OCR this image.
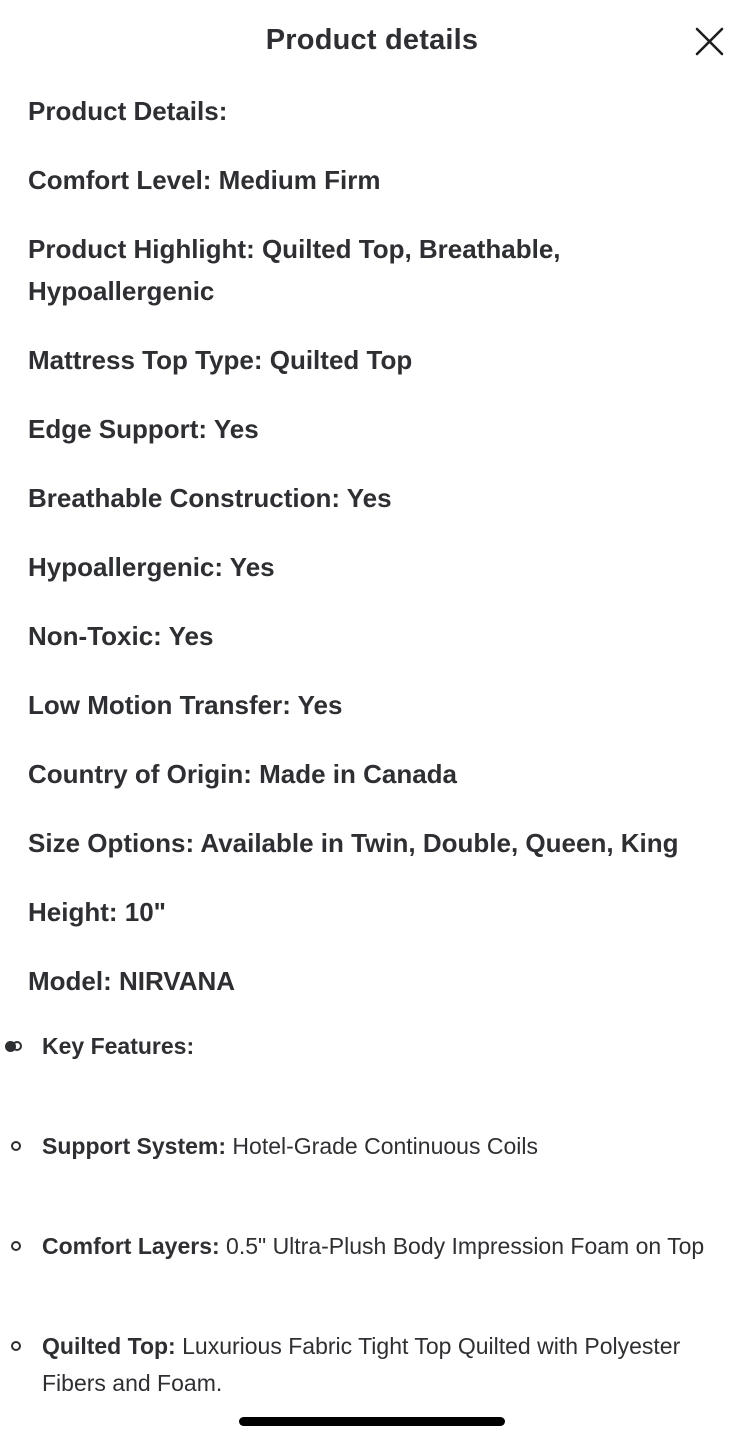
Product details
Product Details:
Comfort Level: Medium Firm
Product Highlight: Quilted Top, Breathable, Hypoallergenic
Mattress Top Type: Quilted Top
Edge Support: Yes
Breathable Construction: Yes
Hypoallergenic: Yes
Non-Toxic: Yes
Low Motion Transfer: Yes
Country of Origin: Made in Canada
Size Options: Available in Twin, Double, Queen, King
Height: 10"
Model: NIRVANA
Key Features:
Support System: Hotel-Grade Continuous Coils
Comfort Layers: 0.5" Ultra-Plush Body Impression Foam on Top
Quilted Top: Luxurious Fabric Tight Top Quilted with Polyester Fibers and Foam.
